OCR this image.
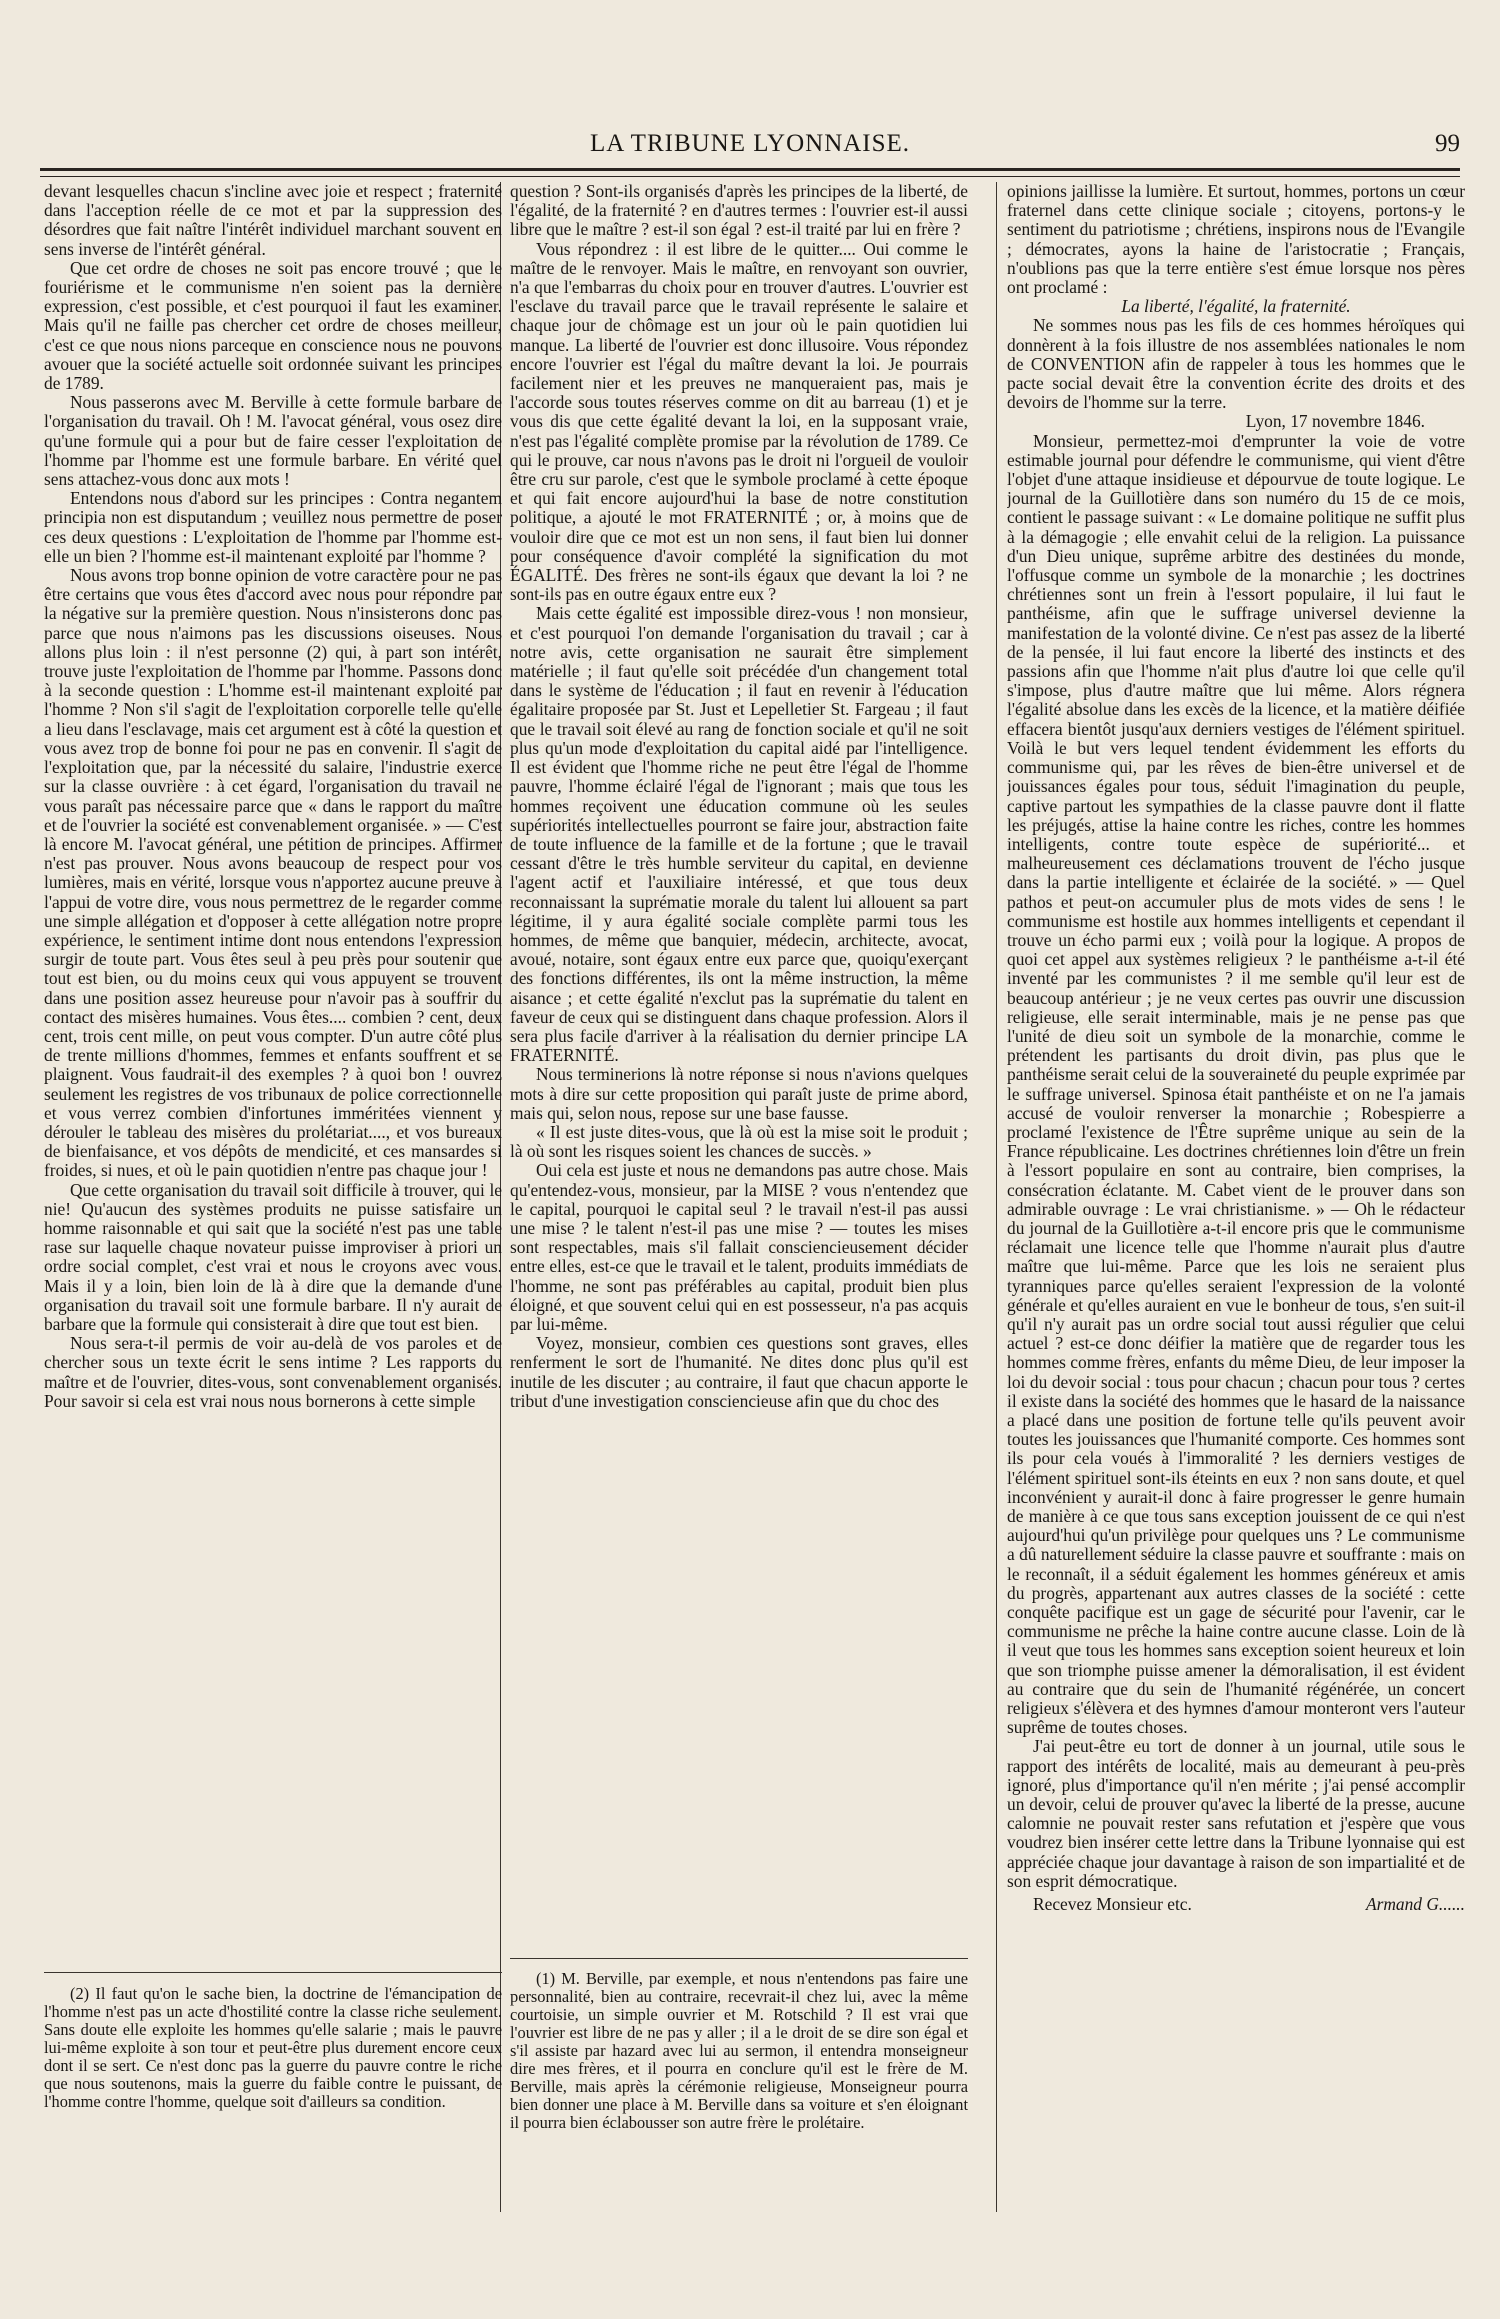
LA TRIBUNE LYONNAISE.	99

devant lesquelles chacun s'incline avec joie et respect ; fraternité dans l'acception réelle de ce mot et par la suppression des désordres que fait naître l'intérêt individuel marchant souvent en sens inverse de l'intérêt général.

Que cet ordre de choses ne soit pas encore trouvé ; que le fouriérisme et le communisme n'en soient pas la dernière expression, c'est possible, et c'est pourquoi il faut les examiner. Mais qu'il ne faille pas chercher cet ordre de choses meilleur, c'est ce que nous nions parceque en conscience nous ne pouvons avouer que la société actuelle soit ordonnée suivant les principes de 1789.

Nous passerons avec M. Berville à cette formule barbare de l'organisation du travail. Oh ! M. l'avocat général, vous osez dire qu'une formule qui a pour but de faire cesser l'exploitation de l'homme par l'homme est une formule barbare. En vérité quel sens attachez-vous donc aux mots !

Entendons nous d'abord sur les principes : Contra negantem principia non est disputandum ; veuillez nous permettre de poser ces deux questions : L'exploitation de l'homme par l'homme est-elle un bien ? l'homme est-il maintenant exploité par l'homme ?

Nous avons trop bonne opinion de votre caractère pour ne pas être certains que vous êtes d'accord avec nous pour répondre par la négative sur la première question. Nous n'insisterons donc pas parce que nous n'aimons pas les discussions oiseuses. Nous allons plus loin : il n'est personne (2) qui, à part son intérêt, trouve juste l'exploitation de l'homme par l'homme. Passons donc à la seconde question : L'homme est-il maintenant exploité par l'homme ? Non s'il s'agit de l'exploitation corporelle telle qu'elle a lieu dans l'esclavage, mais cet argument est à côté la question et vous avez trop de bonne foi pour ne pas en convenir. Il s'agit de l'exploitation que, par la nécessité du salaire, l'industrie exerce sur la classe ouvrière : à cet égard, l'organisation du travail ne vous paraît pas nécessaire parce que « dans le rapport du maître et de l'ouvrier la société est convenablement organisée. » — C'est là encore M. l'avocat général, une pétition de principes. Affirmer n'est pas prouver. Nous avons beaucoup de respect pour vos lumières, mais en vérité, lorsque vous n'apportez aucune preuve à l'appui de votre dire, vous nous permettrez de le regarder comme une simple allégation et d'opposer à cette allégation notre propre expérience, le sentiment intime dont nous entendons l'expression surgir de toute part. Vous êtes seul à peu près pour soutenir que tout est bien, ou du moins ceux qui vous appuyent se trouvent dans une position assez heureuse pour n'avoir pas à souffrir du contact des misères humaines. Vous êtes.... combien ? cent, deux cent, trois cent mille, on peut vous compter. D'un autre côté plus de trente millions d'hommes, femmes et enfants souffrent et se plaignent. Vous faudrait-il des exemples ? à quoi bon ! ouvrez seulement les registres de vos tribunaux de police correctionnelle et vous verrez combien d'infortunes imméritées viennent y dérouler le tableau des misères du prolétariat...., et vos bureaux de bienfaisance, et vos dépôts de mendicité, et ces mansardes si froides, si nues, et où le pain quotidien n'entre pas chaque jour !

Que cette organisation du travail soit difficile à trouver, qui le nie! Qu'aucun des systèmes produits ne puisse satisfaire un homme raisonnable et qui sait que la société n'est pas une table rase sur laquelle chaque novateur puisse improviser à priori un ordre social complet, c'est vrai et nous le croyons avec vous. Mais il y a loin, bien loin de là à dire que la demande d'une organisation du travail soit une formule barbare. Il n'y aurait de barbare que la formule qui consisterait à dire que tout est bien.

Nous sera-t-il permis de voir au-delà de vos paroles et de chercher sous un texte écrit le sens intime ? Les rapports du maître et de l'ouvrier, dites-vous, sont convenablement organisés. Pour savoir si cela est vrai nous nous bornerons à cette simple

question ? Sont-ils organisés d'après les principes de la liberté, de l'égalité, de la fraternité ? en d'autres termes : l'ouvrier est-il aussi libre que le maître ? est-il son égal ? est-il traité par lui en frère ?

Vous répondrez : il est libre de le quitter.... Oui comme le maître de le renvoyer. Mais le maître, en renvoyant son ouvrier, n'a que l'embarras du choix pour en trouver d'autres. L'ouvrier est l'esclave du travail parce que le travail représente le salaire et chaque jour de chômage est un jour où le pain quotidien lui manque. La liberté de l'ouvrier est donc illusoire. Vous répondez encore l'ouvrier est l'égal du maître devant la loi. Je pourrais facilement nier et les preuves ne manqueraient pas, mais je l'accorde sous toutes réserves comme on dit au barreau (1) et je vous dis que cette égalité devant la loi, en la supposant vraie, n'est pas l'égalité complète promise par la révolution de 1789. Ce qui le prouve, car nous n'avons pas le droit ni l'orgueil de vouloir être cru sur parole, c'est que le symbole proclamé à cette époque et qui fait encore aujourd'hui la base de notre constitution politique, a ajouté le mot FRATERNITÉ ; or, à moins que de vouloir dire que ce mot est un non sens, il faut bien lui donner pour conséquence d'avoir complété la signification du mot ÉGALITÉ. Des frères ne sont-ils égaux que devant la loi ? ne sont-ils pas en outre égaux entre eux ?

Mais cette égalité est impossible direz-vous ! non monsieur, et c'est pourquoi l'on demande l'organisation du travail ; car à notre avis, cette organisation ne saurait être simplement matérielle ; il faut qu'elle soit précédée d'un changement total dans le système de l'éducation ; il faut en revenir à l'éducation égalitaire proposée par St. Just et Lepelletier St. Fargeau ; il faut que le travail soit élevé au rang de fonction sociale et qu'il ne soit plus qu'un mode d'exploitation du capital aidé par l'intelligence. Il est évident que l'homme riche ne peut être l'égal de l'homme pauvre, l'homme éclairé l'égal de l'ignorant ; mais que tous les hommes reçoivent une éducation commune où les seules supériorités intellectuelles pourront se faire jour, abstraction faite de toute influence de la famille et de la fortune ; que le travail cessant d'être le très humble serviteur du capital, en devienne l'agent actif et l'auxiliaire intéressé, et que tous deux reconnaissant la suprématie morale du talent lui allouent sa part légitime, il y aura égalité sociale complète parmi tous les hommes, de même que banquier, médecin, architecte, avocat, avoué, notaire, sont égaux entre eux parce que, quoiqu'exerçant des fonctions différentes, ils ont la même instruction, la même aisance ; et cette égalité n'exclut pas la suprématie du talent en faveur de ceux qui se distinguent dans chaque profession. Alors il sera plus facile d'arriver à la réalisation du dernier principe LA FRATERNITÉ.

Nous terminerions là notre réponse si nous n'avions quelques mots à dire sur cette proposition qui paraît juste de prime abord, mais qui, selon nous, repose sur une base fausse.

« Il est juste dites-vous, que là où est la mise soit le produit ; là où sont les risques soient les chances de succès. »

Oui cela est juste et nous ne demandons pas autre chose. Mais qu'entendez-vous, monsieur, par la MISE ? vous n'entendez que le capital, pourquoi le capital seul ? le travail n'est-il pas aussi une mise ? le talent n'est-il pas une mise ? — toutes les mises sont respectables, mais s'il fallait consciencieusement décider entre elles, est-ce que le travail et le talent, produits immédiats de l'homme, ne sont pas préférables au capital, produit bien plus éloigné, et que souvent celui qui en est possesseur, n'a pas acquis par lui-même.

Voyez, monsieur, combien ces questions sont graves, elles renferment le sort de l'humanité. Ne dites donc plus qu'il est inutile de les discuter ; au contraire, il faut que chacun apporte le tribut d'une investigation consciencieuse afin que du choc des

opinions jaillisse la lumière. Et surtout, hommes, portons un cœur fraternel dans cette clinique sociale ; citoyens, portons-y le sentiment du patriotisme ; chrétiens, inspirons nous de l'Evangile ; démocrates, ayons la haine de l'aristocratie ; Français, n'oublions pas que la terre entière s'est émue lorsque nos pères ont proclamé :

La liberté, l'égalité, la fraternité.

Ne sommes nous pas les fils de ces hommes héroïques qui donnèrent à la fois illustre de nos assemblées nationales le nom de CONVENTION afin de rappeler à tous les hommes que le pacte social devait être la convention écrite des droits et des devoirs de l'homme sur la terre.

Lyon, 17 novembre 1846.

Monsieur, permettez-moi d'emprunter la voie de votre estimable journal pour défendre le communisme, qui vient d'être l'objet d'une attaque insidieuse et dépourvue de toute logique. Le journal de la Guillotière dans son numéro du 15 de ce mois, contient le passage suivant : « Le domaine politique ne suffit plus à la démagogie ; elle envahit celui de la religion. La puissance d'un Dieu unique, suprême arbitre des destinées du monde, l'offusque comme un symbole de la monarchie ; les doctrines chrétiennes sont un frein à l'essort populaire, il lui faut le panthéisme, afin que le suffrage universel devienne la manifestation de la volonté divine. Ce n'est pas assez de la liberté de la pensée, il lui faut encore la liberté des instincts et des passions afin que l'homme n'ait plus d'autre loi que celle qu'il s'impose, plus d'autre maître que lui même. Alors régnera l'égalité absolue dans les excès de la licence, et la matière déifiée effacera bientôt jusqu'aux derniers vestiges de l'élément spirituel. Voilà le but vers lequel tendent évidemment les efforts du communisme qui, par les rêves de bien-être universel et de jouissances égales pour tous, séduit l'imagination du peuple, captive partout les sympathies de la classe pauvre dont il flatte les préjugés, attise la haine contre les riches, contre les hommes intelligents, contre toute espèce de supériorité... et malheureusement ces déclamations trouvent de l'écho jusque dans la partie intelligente et éclairée de la société. » — Quel pathos et peut-on accumuler plus de mots vides de sens ! le communisme est hostile aux hommes intelligents et cependant il trouve un écho parmi eux ; voilà pour la logique. A propos de quoi cet appel aux systèmes religieux ? le panthéisme a-t-il été inventé par les communistes ? il me semble qu'il leur est de beaucoup antérieur ; je ne veux certes pas ouvrir une discussion religieuse, elle serait interminable, mais je ne pense pas que l'unité de dieu soit un symbole de la monarchie, comme le prétendent les partisants du droit divin, pas plus que le panthéisme serait celui de la souveraineté du peuple exprimée par le suffrage universel. Spinosa était panthéiste et on ne l'a jamais accusé de vouloir renverser la monarchie ; Robespierre a proclamé l'existence de l'Être suprême unique au sein de la France républicaine. Les doctrines chrétiennes loin d'être un frein à l'essort populaire en sont au contraire, bien comprises, la consécration éclatante. M. Cabet vient de le prouver dans son admirable ouvrage : Le vrai christianisme. » — Oh le rédacteur du journal de la Guillotière a-t-il encore pris que le communisme réclamait une licence telle que l'homme n'aurait plus d'autre maître que lui-même. Parce que les lois ne seraient plus tyranniques parce qu'elles seraient l'expression de la volonté générale et qu'elles auraient en vue le bonheur de tous, s'en suit-il qu'il n'y aurait pas un ordre social tout aussi régulier que celui actuel ? est-ce donc déifier la matière que de regarder tous les hommes comme frères, enfants du même Dieu, de leur imposer la loi du devoir social : tous pour chacun ; chacun pour tous ? certes il existe dans la société des hommes que le hasard de la naissance a placé dans une position de fortune telle qu'ils peuvent avoir toutes les jouissances que l'humanité comporte. Ces hommes sont ils pour cela voués à l'immoralité ? les derniers vestiges de l'élément spirituel sont-ils éteints en eux ? non sans doute, et quel inconvénient y aurait-il donc à faire progresser le genre humain de manière à ce que tous sans exception jouissent de ce qui n'est aujourd'hui qu'un privilège pour quelques uns ? Le communisme a dû naturellement séduire la classe pauvre et souffrante : mais on le reconnaît, il a séduit également les hommes généreux et amis du progrès, appartenant aux autres classes de la société : cette conquête pacifique est un gage de sécurité pour l'avenir, car le communisme ne prêche la haine contre aucune classe. Loin de là il veut que tous les hommes sans exception soient heureux et loin que son triomphe puisse amener la démoralisation, il est évident au contraire que du sein de l'humanité régénérée, un concert religieux s'élèvera et des hymnes d'amour monteront vers l'auteur suprême de toutes choses.

J'ai peut-être eu tort de donner à un journal, utile sous le rapport des intérêts de localité, mais au demeurant à peu-près ignoré, plus d'importance qu'il n'en mérite ; j'ai pensé accomplir un devoir, celui de prouver qu'avec la liberté de la presse, aucune calomnie ne pouvait rester sans refutation et j'espère que vous voudrez bien insérer cette lettre dans la Tribune lyonnaise qui est appréciée chaque jour davantage à raison de son impartialité et de son esprit démocratique.

Recevez Monsieur etc.	Armand G......

(2) Il faut qu'on le sache bien, la doctrine de l'émancipation de l'homme n'est pas un acte d'hostilité contre la classe riche seulement. Sans doute elle exploite les hommes qu'elle salarie ; mais le pauvre lui-même exploite à son tour et peut-être plus durement encore ceux dont il se sert. Ce n'est donc pas la guerre du pauvre contre le riche que nous soutenons, mais la guerre du faible contre le puissant, de l'homme contre l'homme, quelque soit d'ailleurs sa condition.

(1) M. Berville, par exemple, et nous n'entendons pas faire une personnalité, bien au contraire, recevrait-il chez lui, avec la même courtoisie, un simple ouvrier et M. Rotschild ? Il est vrai que l'ouvrier est libre de ne pas y aller ; il a le droit de se dire son égal et s'il assiste par hazard avec lui au sermon, il entendra monseigneur dire mes frères, et il pourra en conclure qu'il est le frère de M. Berville, mais après la cérémonie religieuse, Monseigneur pourra bien donner une place à M. Berville dans sa voiture et s'en éloignant il pourra bien éclabousser son autre frère le prolétaire.
